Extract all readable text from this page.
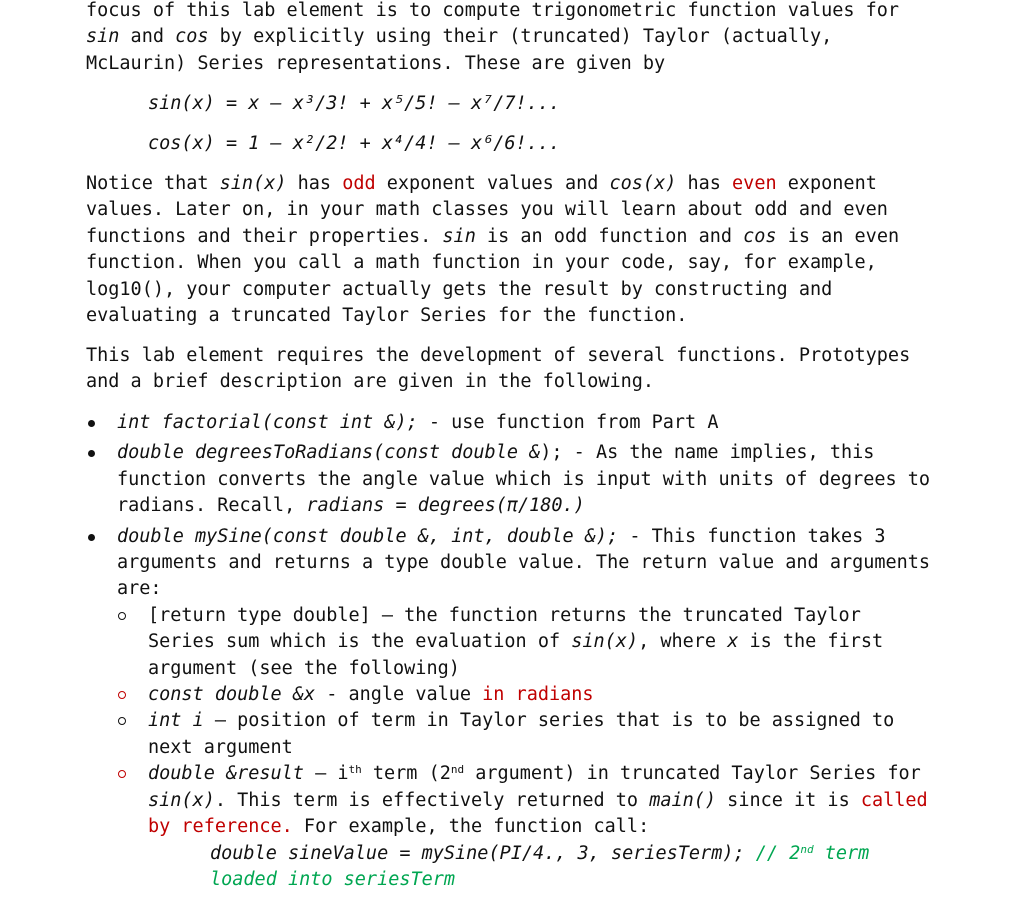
focus of this lab element is to compute trigonometric function values for
sin and cos by explicitly using their (truncated) Taylor (actually,
McLaurin) Series representations. These are given by

sin(x) = x – x³/3! + x⁵/5! – x⁷/7!...

cos(x) = 1 – x²/2! + x⁴/4! – x⁶/6!...

Notice that sin(x) has odd exponent values and cos(x) has even exponent
values. Later on, in your math classes you will learn about odd and even
functions and their properties. sin is an odd function and cos is an even
function. When you call a math function in your code, say, for example,
log10(), your computer actually gets the result by constructing and
evaluating a truncated Taylor Series for the function.

This lab element requires the development of several functions. Prototypes
and a brief description are given in the following.

int factorial(const int &); - use function from Part A
double degreesToRadians(const double &); - As the name implies, this
function converts the angle value which is input with units of degrees to
radians. Recall, radians = degrees(π/180.)
double mySine(const double &, int, double &); - This function takes 3
arguments and returns a type double value. The return value and arguments
are:
[return type double] – the function returns the truncated Taylor
Series sum which is the evaluation of sin(x), where x is the first
argument (see the following)
const double &x - angle value in radians
int i – position of term in Taylor series that is to be assigned to
next argument
double &result – $i^{th}$ term (2nd argument) in truncated Taylor Series for
sin(x). This term is effectively returned to main() since it is called
by reference. For example, the function call:

double sineValue = mySine(PI/4., 3, seriesTerm); // 2nd term
loaded into seriesTerm
